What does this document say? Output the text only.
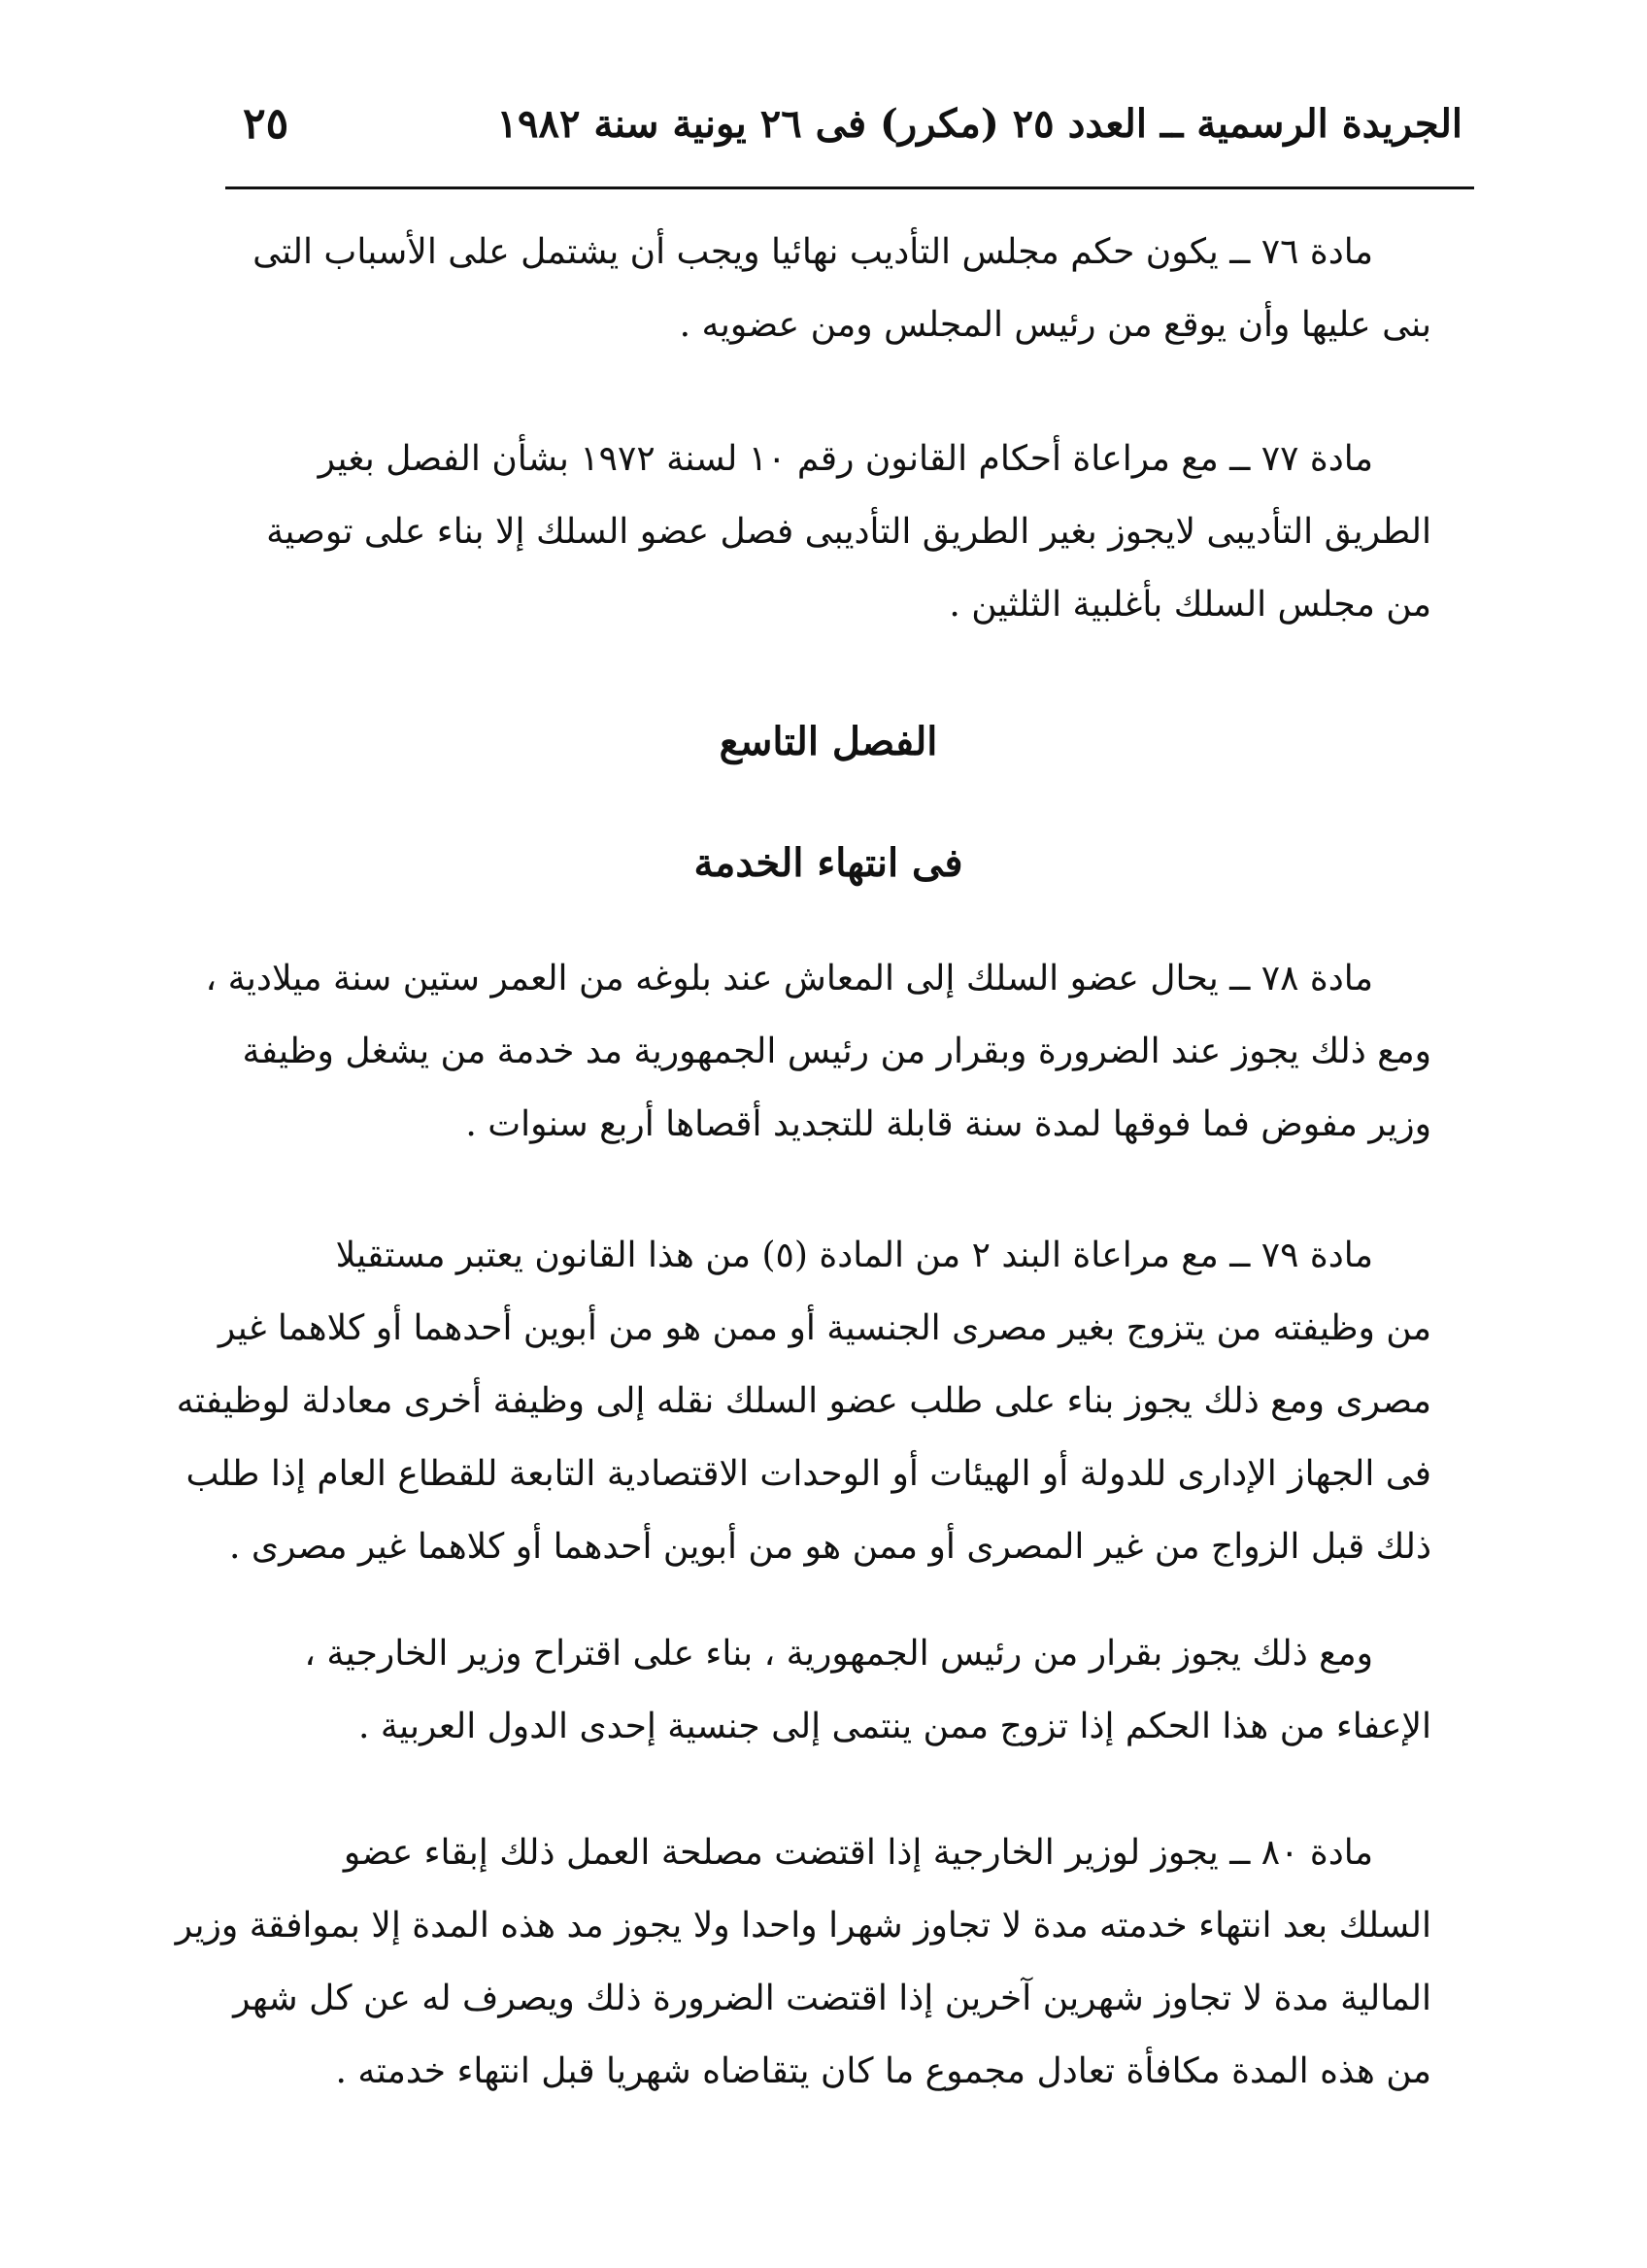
الجريدة الرسمية ــ العدد ٢٥ (مكرر) فى ٢٦ يونية سنة ١٩٨٢
٢٥
مادة ٧٦ ــ يكون حكم مجلس التأديب نهائيا ويجب أن يشتمل على الأسباب التى
بنى عليها وأن يوقع من رئيس المجلس ومن عضويه .
مادة ٧٧ ــ مع مراعاة أحكام القانون رقم ١٠ لسنة ١٩٧٢ بشأن الفصل بغير
الطريق التأديبى لايجوز بغير الطريق التأديبى فصل عضو السلك إلا بناء على توصية
من مجلس السلك بأغلبية الثلثين .
الفصل التاسع
فى انتهاء الخدمة
مادة ٧٨ ــ يحال عضو السلك إلى المعاش عند بلوغه من العمر ستين سنة ميلادية ،
ومع ذلك يجوز عند الضرورة وبقرار من رئيس الجمهورية مد خدمة من يشغل وظيفة
وزير مفوض فما فوقها لمدة سنة قابلة للتجديد أقصاها أربع سنوات .
مادة ٧٩ ــ مع مراعاة البند ٢ من المادة (٥) من هذا القانون يعتبر مستقيلا
من وظيفته من يتزوج بغير مصرى الجنسية أو ممن هو من أبوين أحدهما أو كلاهما غير
مصرى ومع ذلك يجوز بناء على طلب عضو السلك نقله إلى وظيفة أخرى معادلة لوظيفته
فى الجهاز الإدارى للدولة أو الهيئات أو الوحدات الاقتصادية التابعة للقطاع العام إذا طلب
ذلك قبل الزواج من غير المصرى أو ممن هو من أبوين أحدهما أو كلاهما غير مصرى .
ومع ذلك يجوز بقرار من رئيس الجمهورية ، بناء على اقتراح وزير الخارجية ،
الإعفاء من هذا الحكم إذا تزوج ممن ينتمى إلى جنسية إحدى الدول العربية .
مادة ٨٠ ــ يجوز لوزير الخارجية إذا اقتضت مصلحة العمل ذلك إبقاء عضو
السلك بعد انتهاء خدمته مدة لا تجاوز شهرا واحدا ولا يجوز مد هذه المدة إلا بموافقة وزير
المالية مدة لا تجاوز شهرين آخرين إذا اقتضت الضرورة ذلك ويصرف له عن كل شهر
من هذه المدة مكافأة تعادل مجموع ما كان يتقاضاه شهريا قبل انتهاء خدمته .
